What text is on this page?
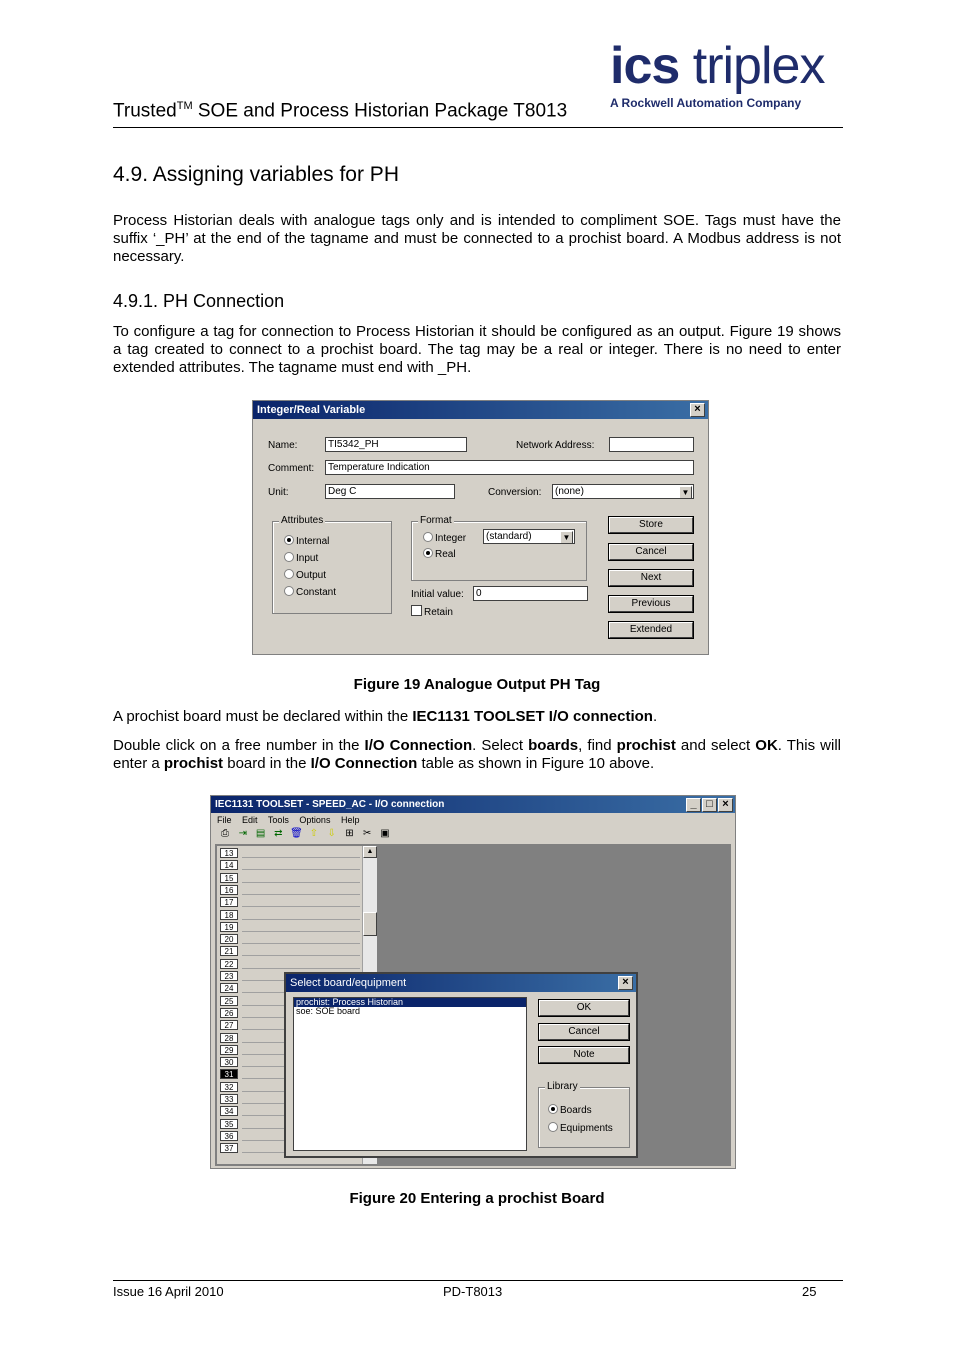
Trusted™ SOE and Process Historian Package T8013
ics triplex
A Rockwell Automation Company
4.9. Assigning variables for PH

Process Historian deals with analogue tags only and is intended to compliment SOE. Tags must have the suffix ‘_PH’ at the end of the tagname and must be connected to a prochist board. A Modbus address is not necessary.

4.9.1. PH Connection

To configure a tag for connection to Process Historian it should be configured as an output. Figure 19 shows a tag created to connect to a prochist board. The tag may be a real or integer. There is no need to enter extended attributes. The tagname must end with _PH.

Integer/Real Variable	×
Name:	TI5342_PH	Network Address:
Comment:	Temperature Indication
Unit:	Deg C	Conversion:	(none)	▼
Attributes
Internal
Input
Output
Constant
Format
Integer
Real
(standard)	▼
Initial value:	0
Retain
Store
Cancel
Next
Previous
Extended
Figure 19 Analogue Output PH Tag

A prochist board must be declared within the IEC1131 TOOLSET I/O connection.

Double click on a free number in the I/O Connection. Select boards, find prochist and select OK. This will enter a prochist board in the I/O Connection table as shown in Figure 10 above.

IEC1131 TOOLSET - SPEED_AC - I/O connection	_ □ ×
File Edit Tools Options Help
⎙ ⇥ ▤ ⇄ 🗑 ⇧ ⇩ ⊞ ✂ ▣
▲
13
14
15
16
17
18
19
20
21
22
23
24
25
26
27
28
29
30
31
32
33
34
35
36
37
Select board/equipment	×
prochist: Process Historian
soe: SOE board	OK
Cancel
Note
Library
Boards
Equipments
Figure 20 Entering a prochist Board
Issue 16 April 2010	PD-T8013	25
